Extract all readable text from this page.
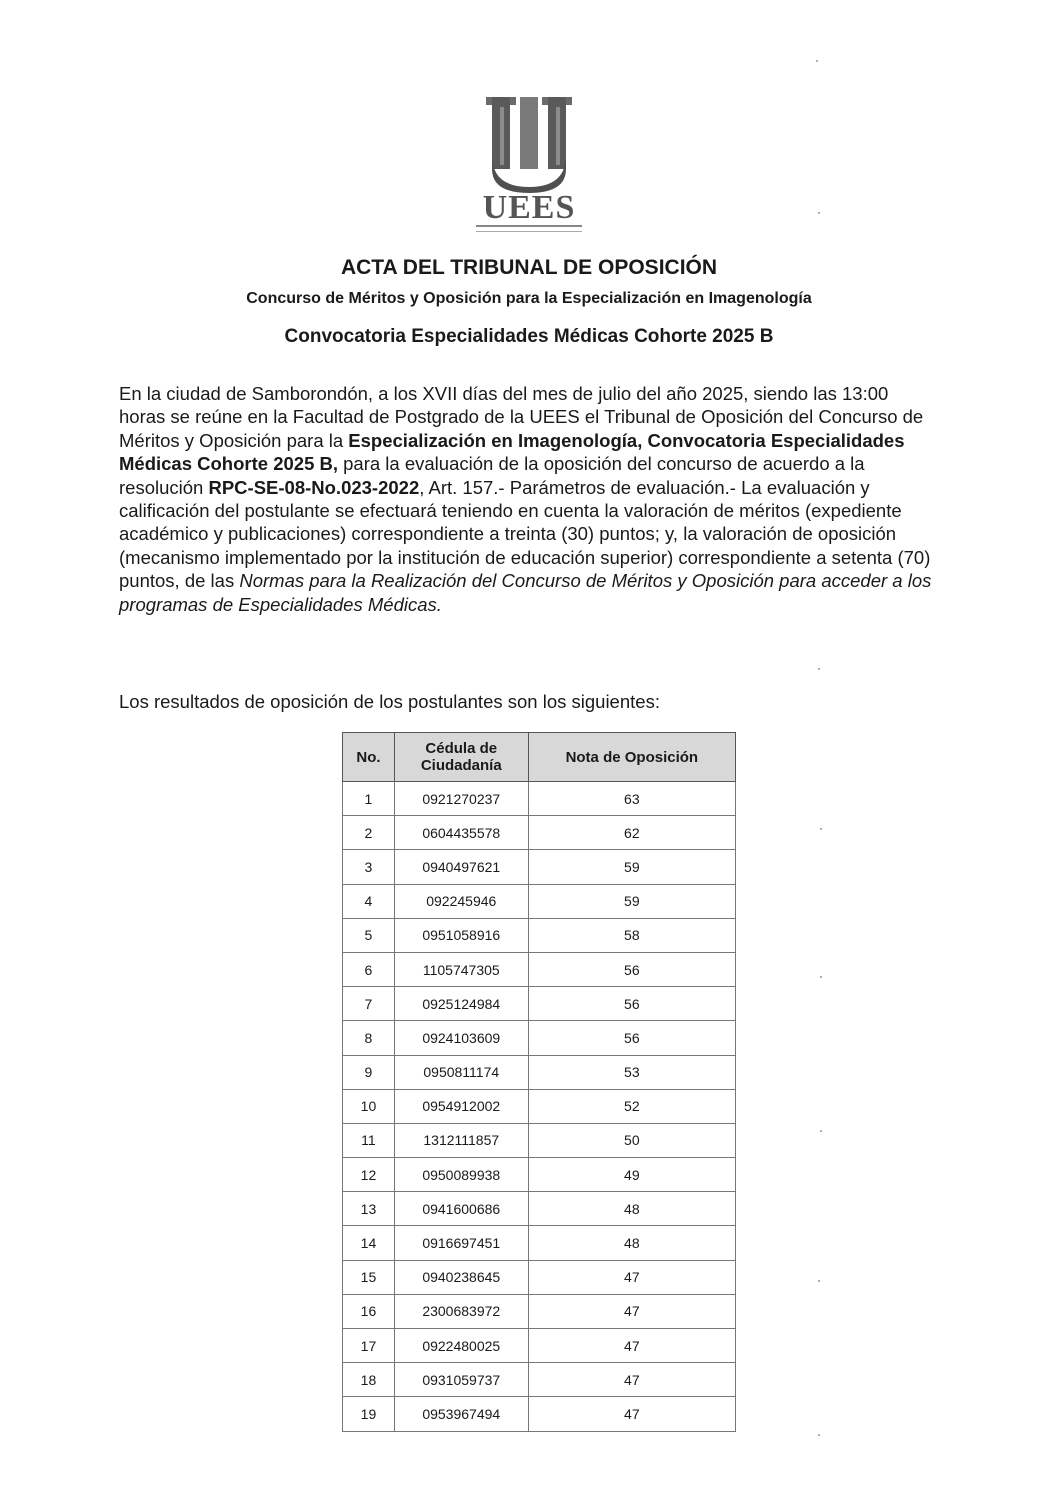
UEES
ACTA DEL TRIBUNAL DE OPOSICIÓN
Concurso de Méritos y Oposición para la Especialización en Imagenología
Convocatoria Especialidades Médicas Cohorte 2025 B

En la ciudad de Samborondón, a los XVII días del mes de julio del año 2025, siendo las 13:00 horas se reúne en la Facultad de Postgrado de la UEES el Tribunal de Oposición del Concurso de Méritos y Oposición para la Especialización en Imagenología, Convocatoria Especialidades Médicas Cohorte 2025 B, para la evaluación de la oposición del concurso de acuerdo a la resolución RPC-SE-08-No.023-2022, Art. 157.- Parámetros de evaluación.- La evaluación y calificación del postulante se efectuará teniendo en cuenta la valoración de méritos (expediente académico y publicaciones) correspondiente a treinta (30) puntos; y, la valoración de oposición (mecanismo implementado por la institución de educación superior) correspondiente a setenta (70) puntos, de las Normas para la Realización del Concurso de Méritos y Oposición para acceder a los programas de Especialidades Médicas.

Los resultados de oposición de los postulantes son los siguientes:

No.	Cédula de Ciudadanía	Nota de Oposición
1	0921270237	63
2	0604435578	62
3	0940497621	59
4	092245946	59
5	0951058916	58
6	1105747305	56
7	0925124984	56
8	0924103609	56
9	0950811174	53
10	0954912002	52
11	1312111857	50
12	0950089938	49
13	0941600686	48
14	0916697451	48
15	0940238645	47
16	2300683972	47
17	0922480025	47
18	0931059737	47
19	0953967494	47
